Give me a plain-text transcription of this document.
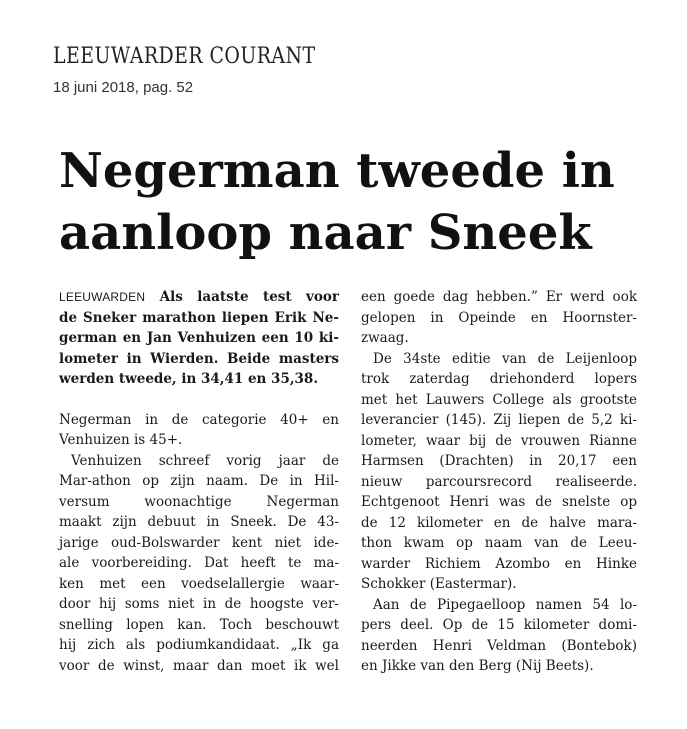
LEEUWARDER COURANT
18 juni 2018, pag. 52
Negerman tweede in
aanloop naar Sneek
LEEUWARDEN Als laatste test voor
de Sneker marathon liepen Erik Ne-
german en Jan Venhuizen een 10 ki-
lometer in Wierden. Beide masters
werden tweede, in 34,41 en 35,38.
Negerman in de categorie 40+ en
Venhuizen is 45+.
Venhuizen schreef vorig jaar de
Mar-athon op zijn naam. De in Hil-
versum woonachtige Negerman
maakt zijn debuut in Sneek. De 43-
jarige oud-Bolswarder kent niet ide-
ale voorbereiding. Dat heeft te ma-
ken met een voedselallergie waar-
door hij soms niet in de hoogste ver-
snelling lopen kan. Toch beschouwt
hij zich als podiumkandidaat. „Ik ga
voor de winst, maar dan moet ik wel
een goede dag hebben.” Er werd ook
gelopen in Opeinde en Hoornster-
zwaag.
De 34ste editie van de Leijenloop
trok zaterdag driehonderd lopers
met het Lauwers College als grootste
leverancier (145). Zij liepen de 5,2 ki-
lometer, waar bij de vrouwen Rianne
Harmsen (Drachten) in 20,17 een
nieuw parcoursrecord realiseerde.
Echtgenoot Henri was de snelste op
de 12 kilometer en de halve mara-
thon kwam op naam van de Leeu-
warder Richiem Azombo en Hinke
Schokker (Eastermar).
Aan de Pipegaelloop namen 54 lo-
pers deel. Op de 15 kilometer domi-
neerden Henri Veldman (Bontebok)
en Jikke van den Berg (Nij Beets).
